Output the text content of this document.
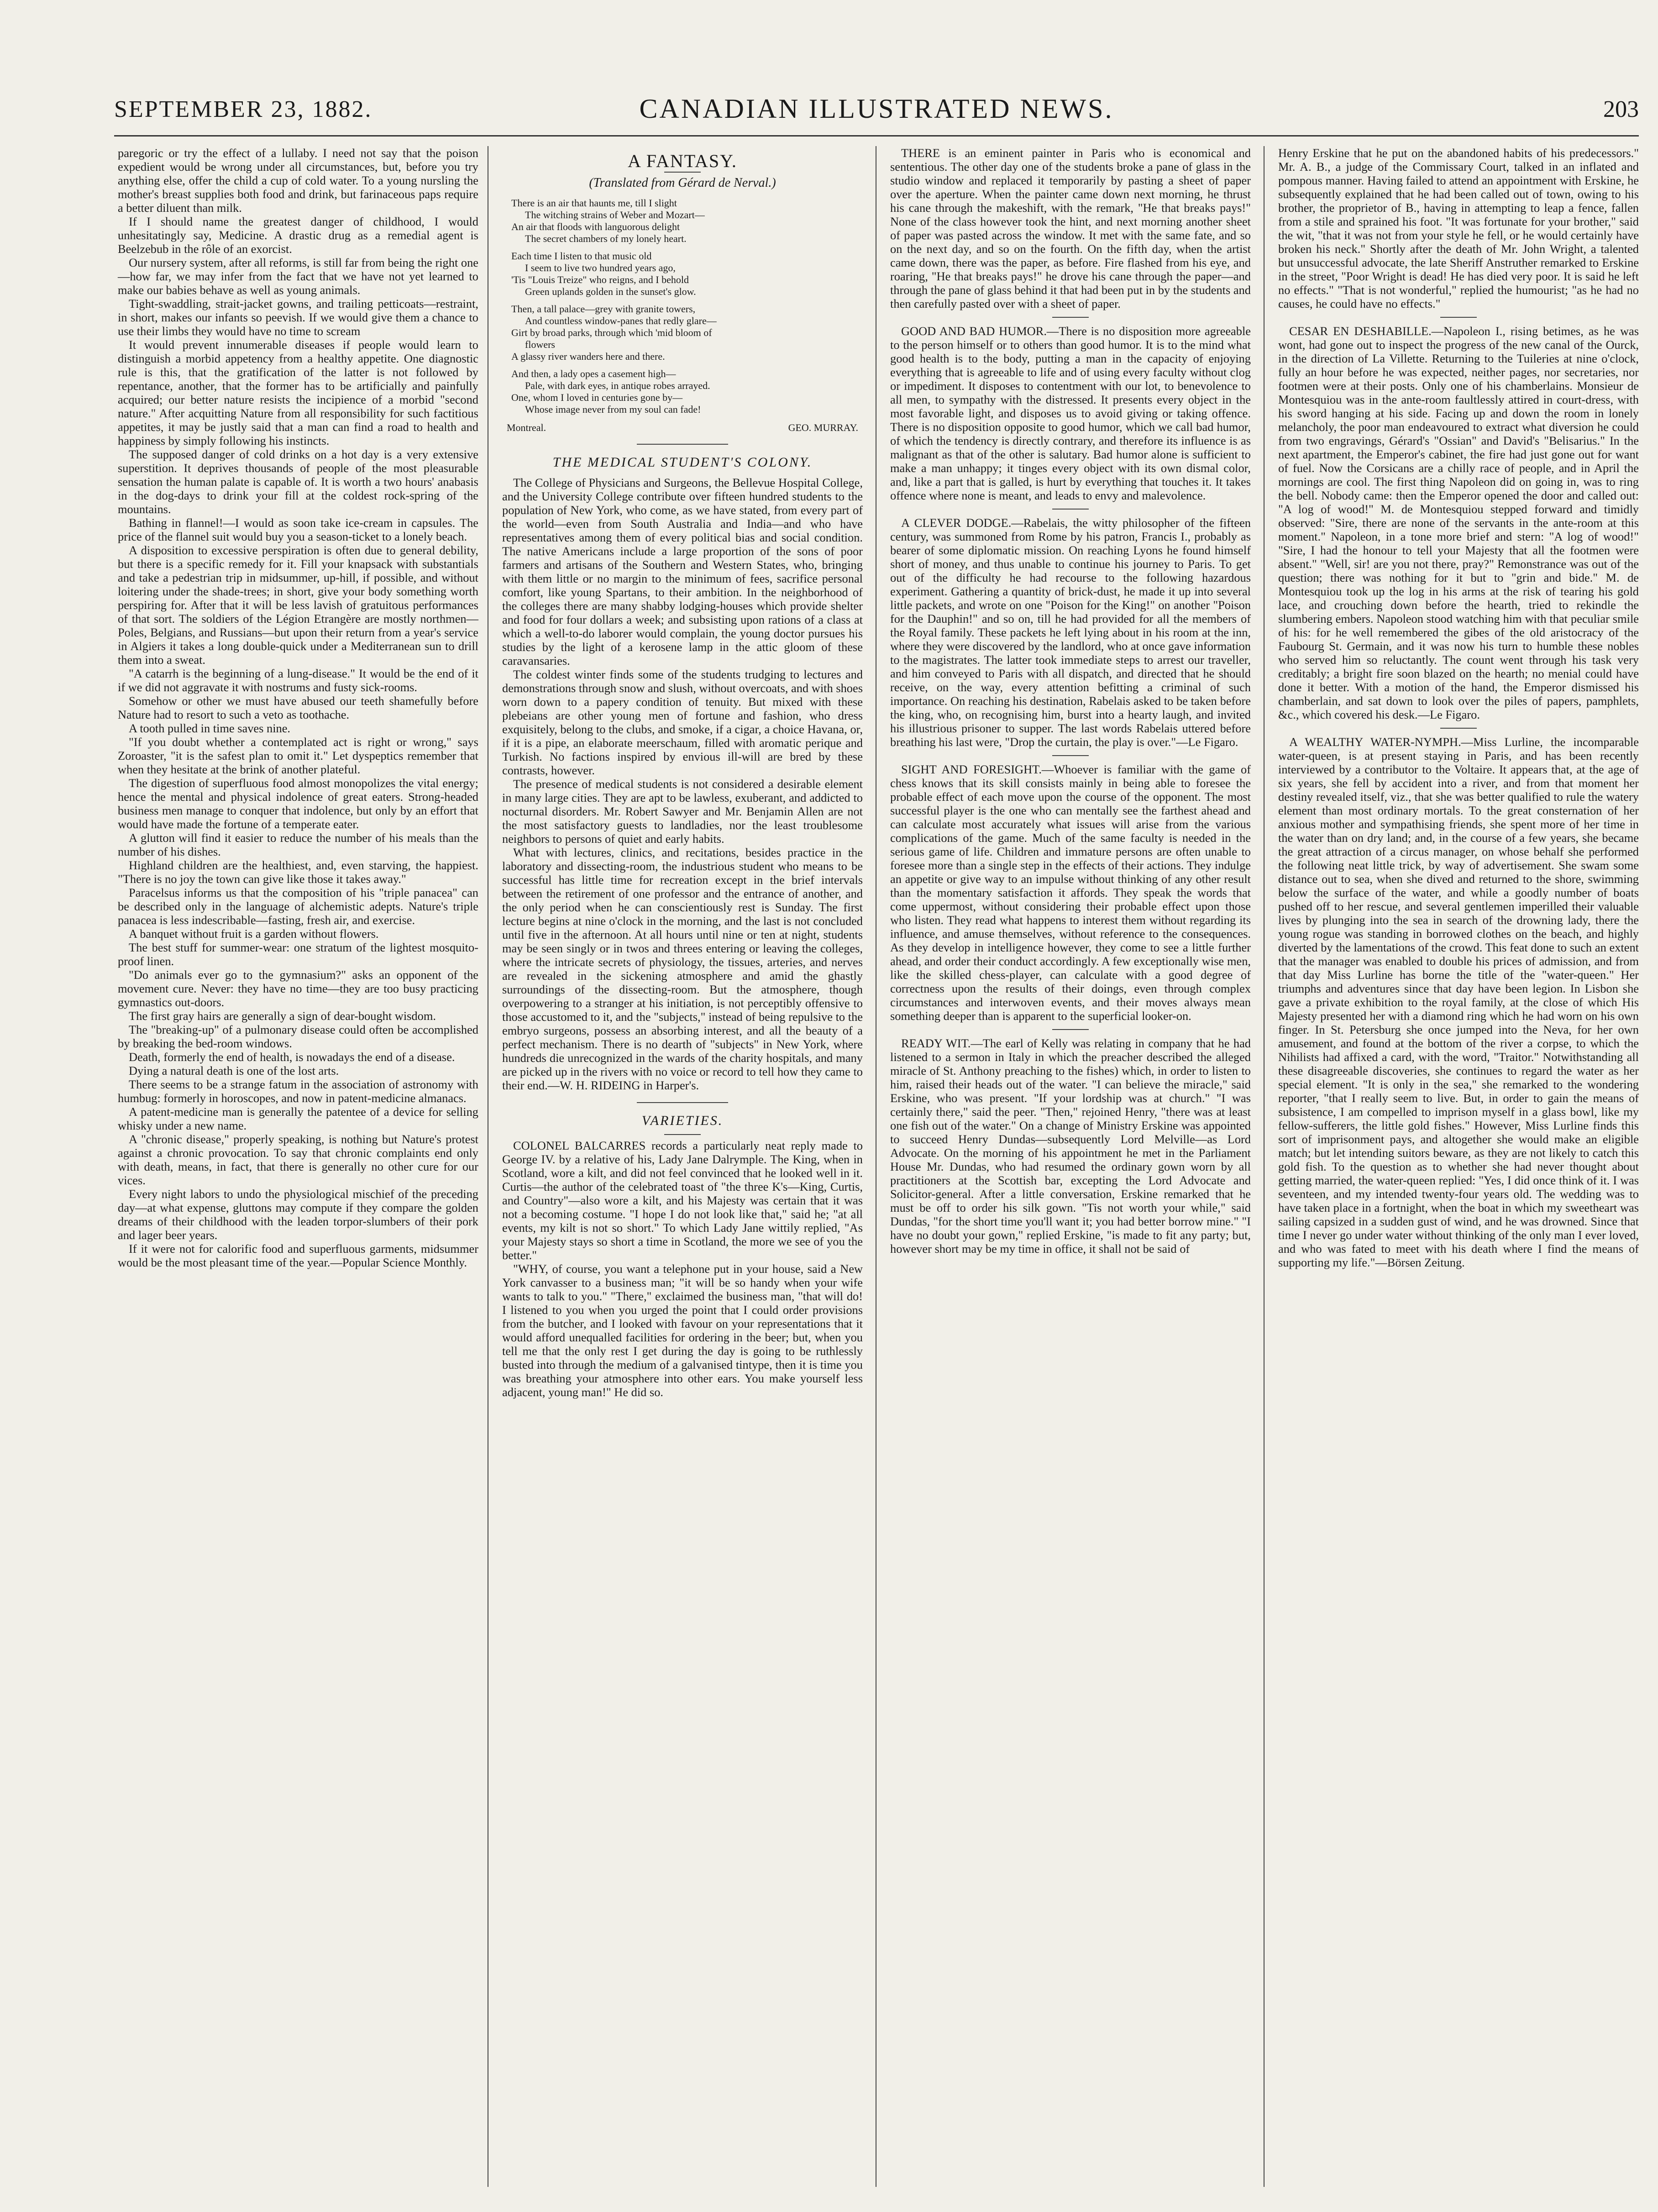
SEPTEMBER 23, 1882.	CANADIAN ILLUSTRATED NEWS.	203

paregoric or try the effect of a lullaby. I need not say that the poison expedient would be wrong under all circumstances, but, before you try anything else, offer the child a cup of cold water. To a young nursling the mother's breast supplies both food and drink, but farinaceous paps require a better diluent than milk.

If I should name the greatest danger of childhood, I would unhesitatingly say, Medicine. A drastic drug as a remedial agent is Beelzebub in the rôle of an exorcist.

Our nursery system, after all reforms, is still far from being the right one—how far, we may infer from the fact that we have not yet learned to make our babies behave as well as young animals.

Tight-swaddling, strait-jacket gowns, and trailing petticoats—restraint, in short, makes our infants so peevish. If we would give them a chance to use their limbs they would have no time to scream

It would prevent innumerable diseases if people would learn to distinguish a morbid appetency from a healthy appetite. One diagnostic rule is this, that the gratification of the latter is not followed by repentance, another, that the former has to be artificially and painfully acquired; our better nature resists the incipience of a morbid "second nature." After acquitting Nature from all responsibility for such factitious appetites, it may be justly said that a man can find a road to health and happiness by simply following his instincts.

The supposed danger of cold drinks on a hot day is a very extensive superstition. It deprives thousands of people of the most pleasurable sensation the human palate is capable of. It is worth a two hours' anabasis in the dog-days to drink your fill at the coldest rock-spring of the mountains.

Bathing in flannel!—I would as soon take ice-cream in capsules. The price of the flannel suit would buy you a season-ticket to a lonely beach.

A disposition to excessive perspiration is often due to general debility, but there is a specific remedy for it. Fill your knapsack with substantials and take a pedestrian trip in midsummer, up-hill, if possible, and without loitering under the shade-trees; in short, give your body something worth perspiring for. After that it will be less lavish of gratuitous performances of that sort. The soldiers of the Légion Etrangère are mostly northmen—Poles, Belgians, and Russians—but upon their return from a year's service in Algiers it takes a long double-quick under a Mediterranean sun to drill them into a sweat.

"A catarrh is the beginning of a lung-disease." It would be the end of it if we did not aggravate it with nostrums and fusty sick-rooms.

Somehow or other we must have abused our teeth shamefully before Nature had to resort to such a veto as toothache.

A tooth pulled in time saves nine.

"If you doubt whether a contemplated act is right or wrong," says Zoroaster, "it is the safest plan to omit it." Let dyspeptics remember that when they hesitate at the brink of another plateful.

The digestion of superfluous food almost monopolizes the vital energy; hence the mental and physical indolence of great eaters. Strong-headed business men manage to conquer that indolence, but only by an effort that would have made the fortune of a temperate eater.

A glutton will find it easier to reduce the number of his meals than the number of his dishes.

Highland children are the healthiest, and, even starving, the happiest. "There is no joy the town can give like those it takes away."

Paracelsus informs us that the composition of his "triple panacea" can be described only in the language of alchemistic adepts. Nature's triple panacea is less indescribable—fasting, fresh air, and exercise.

A banquet without fruit is a garden without flowers.

The best stuff for summer-wear: one stratum of the lightest mosquito-proof linen.

"Do animals ever go to the gymnasium?" asks an opponent of the movement cure. Never: they have no time—they are too busy practicing gymnastics out-doors.

The first gray hairs are generally a sign of dear-bought wisdom.

The "breaking-up" of a pulmonary disease could often be accomplished by breaking the bed-room windows.

Death, formerly the end of health, is nowadays the end of a disease.

Dying a natural death is one of the lost arts.

There seems to be a strange fatum in the association of astronomy with humbug: formerly in horoscopes, and now in patent-medicine almanacs.

A patent-medicine man is generally the patentee of a device for selling whisky under a new name.

A "chronic disease," properly speaking, is nothing but Nature's protest against a chronic provocation. To say that chronic complaints end only with death, means, in fact, that there is generally no other cure for our vices.

Every night labors to undo the physiological mischief of the preceding day—at what expense, gluttons may compute if they compare the golden dreams of their childhood with the leaden torpor-slumbers of their pork and lager beer years.

If it were not for calorific food and superfluous garments, midsummer would be the most pleasant time of the year.—Popular Science Monthly.

A FANTASY.
(Translated from Gérard de Nerval.)
There is an air that haunts me, till I slight
The witching strains of Weber and Mozart—
An air that floods with languorous delight
The secret chambers of my lonely heart.
Each time I listen to that music old
I seem to live two hundred years ago,
'Tis "Louis Treize" who reigns, and I behold
Green uplands golden in the sunset's glow.
Then, a tall palace—grey with granite towers,
And countless window-panes that redly glare—
Girt by broad parks, through which 'mid bloom of
flowers
A glassy river wanders here and there.
And then, a lady opes a casement high—
Pale, with dark eyes, in antique robes arrayed.
One, whom I loved in centuries gone by—
Whose image never from my soul can fade!
Montreal.	GEO. MURRAY.
THE MEDICAL STUDENT'S COLONY.

The College of Physicians and Surgeons, the Bellevue Hospital College, and the University College contribute over fifteen hundred students to the population of New York, who come, as we have stated, from every part of the world—even from South Australia and India—and who have representatives among them of every political bias and social condition. The native Americans include a large proportion of the sons of poor farmers and artisans of the Southern and Western States, who, bringing with them little or no margin to the minimum of fees, sacrifice personal comfort, like young Spartans, to their ambition. In the neighborhood of the colleges there are many shabby lodging-houses which provide shelter and food for four dollars a week; and subsisting upon rations of a class at which a well-to-do laborer would complain, the young doctor pursues his studies by the light of a kerosene lamp in the attic gloom of these caravansaries.

The coldest winter finds some of the students trudging to lectures and demonstrations through snow and slush, without overcoats, and with shoes worn down to a papery condition of tenuity. But mixed with these plebeians are other young men of fortune and fashion, who dress exquisitely, belong to the clubs, and smoke, if a cigar, a choice Havana, or, if it is a pipe, an elaborate meerschaum, filled with aromatic perique and Turkish. No factions inspired by envious ill-will are bred by these contrasts, however.

The presence of medical students is not considered a desirable element in many large cities. They are apt to be lawless, exuberant, and addicted to nocturnal disorders. Mr. Robert Sawyer and Mr. Benjamin Allen are not the most satisfactory guests to landladies, nor the least troublesome neighbors to persons of quiet and early habits.

What with lectures, clinics, and recitations, besides practice in the laboratory and dissecting-room, the industrious student who means to be successful has little time for recreation except in the brief intervals between the retirement of one professor and the entrance of another, and the only period when he can conscientiously rest is Sunday. The first lecture begins at nine o'clock in the morning, and the last is not concluded until five in the afternoon. At all hours until nine or ten at night, students may be seen singly or in twos and threes entering or leaving the colleges, where the intricate secrets of physiology, the tissues, arteries, and nerves are revealed in the sickening atmosphere and amid the ghastly surroundings of the dissecting-room. But the atmosphere, though overpowering to a stranger at his initiation, is not perceptibly offensive to those accustomed to it, and the "subjects," instead of being repulsive to the embryo surgeons, possess an absorbing interest, and all the beauty of a perfect mechanism. There is no dearth of "subjects" in New York, where hundreds die unrecognized in the wards of the charity hospitals, and many are picked up in the rivers with no voice or record to tell how they came to their end.—W. H. RIDEING in Harper's.

VARIETIES.

COLONEL BALCARRES records a particularly neat reply made to George IV. by a relative of his, Lady Jane Dalrymple. The King, when in Scotland, wore a kilt, and did not feel convinced that he looked well in it. Curtis—the author of the celebrated toast of "the three K's—King, Curtis, and Country"—also wore a kilt, and his Majesty was certain that it was not a becoming costume. "I hope I do not look like that," said he; "at all events, my kilt is not so short." To which Lady Jane wittily replied, "As your Majesty stays so short a time in Scotland, the more we see of you the better."

"WHY, of course, you want a telephone put in your house, said a New York canvasser to a business man; "it will be so handy when your wife wants to talk to you." "There," exclaimed the business man, "that will do! I listened to you when you urged the point that I could order provisions from the butcher, and I looked with favour on your representations that it would afford unequalled facilities for ordering in the beer; but, when you tell me that the only rest I get during the day is going to be ruthlessly busted into through the medium of a galvanised tintype, then it is time you was breathing your atmosphere into other ears. You make yourself less adjacent, young man!" He did so.

THERE is an eminent painter in Paris who is economical and sententious. The other day one of the students broke a pane of glass in the studio window and replaced it temporarily by pasting a sheet of paper over the aperture. When the painter came down next morning, he thrust his cane through the makeshift, with the remark, "He that breaks pays!" None of the class however took the hint, and next morning another sheet of paper was pasted across the window. It met with the same fate, and so on the next day, and so on the fourth. On the fifth day, when the artist came down, there was the paper, as before. Fire flashed from his eye, and roaring, "He that breaks pays!" he drove his cane through the paper—and through the pane of glass behind it that had been put in by the students and then carefully pasted over with a sheet of paper.

GOOD AND BAD HUMOR.—There is no disposition more agreeable to the person himself or to others than good humor. It is to the mind what good health is to the body, putting a man in the capacity of enjoying everything that is agreeable to life and of using every faculty without clog or impediment. It disposes to contentment with our lot, to benevolence to all men, to sympathy with the distressed. It presents every object in the most favorable light, and disposes us to avoid giving or taking offence. There is no disposition opposite to good humor, which we call bad humor, of which the tendency is directly contrary, and therefore its influence is as malignant as that of the other is salutary. Bad humor alone is sufficient to make a man unhappy; it tinges every object with its own dismal color, and, like a part that is galled, is hurt by everything that touches it. It takes offence where none is meant, and leads to envy and malevolence.

A CLEVER DODGE.—Rabelais, the witty philosopher of the fifteen century, was summoned from Rome by his patron, Francis I., probably as bearer of some diplomatic mission. On reaching Lyons he found himself short of money, and thus unable to continue his journey to Paris. To get out of the difficulty he had recourse to the following hazardous experiment. Gathering a quantity of brick-dust, he made it up into several little packets, and wrote on one "Poison for the King!" on another "Poison for the Dauphin!" and so on, till he had provided for all the members of the Royal family. These packets he left lying about in his room at the inn, where they were discovered by the landlord, who at once gave information to the magistrates. The latter took immediate steps to arrest our traveller, and him conveyed to Paris with all dispatch, and directed that he should receive, on the way, every attention befitting a criminal of such importance. On reaching his destination, Rabelais asked to be taken before the king, who, on recognising him, burst into a hearty laugh, and invited his illustrious prisoner to supper. The last words Rabelais uttered before breathing his last were, "Drop the curtain, the play is over."—Le Figaro.

SIGHT AND FORESIGHT.—Whoever is familiar with the game of chess knows that its skill consists mainly in being able to foresee the probable effect of each move upon the course of the opponent. The most successful player is the one who can mentally see the farthest ahead and can calculate most accurately what issues will arise from the various complications of the game. Much of the same faculty is needed in the serious game of life. Children and immature persons are often unable to foresee more than a single step in the effects of their actions. They indulge an appetite or give way to an impulse without thinking of any other result than the momentary satisfaction it affords. They speak the words that come uppermost, without considering their probable effect upon those who listen. They read what happens to interest them without regarding its influence, and amuse themselves, without reference to the consequences. As they develop in intelligence however, they come to see a little further ahead, and order their conduct accordingly. A few exceptionally wise men, like the skilled chess-player, can calculate with a good degree of correctness upon the results of their doings, even through complex circumstances and interwoven events, and their moves always mean something deeper than is apparent to the superficial looker-on.

READY WIT.—The earl of Kelly was relating in company that he had listened to a sermon in Italy in which the preacher described the alleged miracle of St. Anthony preaching to the fishes) which, in order to listen to him, raised their heads out of the water. "I can believe the miracle," said Erskine, who was present. "If your lordship was at church." "I was certainly there," said the peer. "Then," rejoined Henry, "there was at least one fish out of the water." On a change of Ministry Erskine was appointed to succeed Henry Dundas—subsequently Lord Melville—as Lord Advocate. On the morning of his appointment he met in the Parliament House Mr. Dundas, who had resumed the ordinary gown worn by all practitioners at the Scottish bar, excepting the Lord Advocate and Solicitor-general. After a little conversation, Erskine remarked that he must be off to order his silk gown. "Tis not worth your while," said Dundas, "for the short time you'll want it; you had better borrow mine." "I have no doubt your gown," replied Erskine, "is made to fit any party; but, however short may be my time in office, it shall not be said of

Henry Erskine that he put on the abandoned habits of his predecessors." Mr. A. B., a judge of the Commissary Court, talked in an inflated and pompous manner. Having failed to attend an appointment with Erskine, he subsequently explained that he had been called out of town, owing to his brother, the proprietor of B., having in attempting to leap a fence, fallen from a stile and sprained his foot. "It was fortunate for your brother," said the wit, "that it was not from your style he fell, or he would certainly have broken his neck." Shortly after the death of Mr. John Wright, a talented but unsuccessful advocate, the late Sheriff Anstruther remarked to Erskine in the street, "Poor Wright is dead! He has died very poor. It is said he left no effects." "That is not wonderful," replied the humourist; "as he had no causes, he could have no effects."

CESAR EN DESHABILLE.—Napoleon I., rising betimes, as he was wont, had gone out to inspect the progress of the new canal of the Ourck, in the direction of La Villette. Returning to the Tuileries at nine o'clock, fully an hour before he was expected, neither pages, nor secretaries, nor footmen were at their posts. Only one of his chamberlains. Monsieur de Montesquiou was in the ante-room faultlessly attired in court-dress, with his sword hanging at his side. Facing up and down the room in lonely melancholy, the poor man endeavoured to extract what diversion he could from two engravings, Gérard's "Ossian" and David's "Belisarius." In the next apartment, the Emperor's cabinet, the fire had just gone out for want of fuel. Now the Corsicans are a chilly race of people, and in April the mornings are cool. The first thing Napoleon did on going in, was to ring the bell. Nobody came: then the Emperor opened the door and called out: "A log of wood!" M. de Montesquiou stepped forward and timidly observed: "Sire, there are none of the servants in the ante-room at this moment." Napoleon, in a tone more brief and stern: "A log of wood!" "Sire, I had the honour to tell your Majesty that all the footmen were absent." "Well, sir! are you not there, pray?" Remonstrance was out of the question; there was nothing for it but to "grin and bide." M. de Montesquiou took up the log in his arms at the risk of tearing his gold lace, and crouching down before the hearth, tried to rekindle the slumbering embers. Napoleon stood watching him with that peculiar smile of his: for he well remembered the gibes of the old aristocracy of the Faubourg St. Germain, and it was now his turn to humble these nobles who served him so reluctantly. The count went through his task very creditably; a bright fire soon blazed on the hearth; no menial could have done it better. With a motion of the hand, the Emperor dismissed his chamberlain, and sat down to look over the piles of papers, pamphlets, &c., which covered his desk.—Le Figaro.

A WEALTHY WATER-NYMPH.—Miss Lurline, the incomparable water-queen, is at present staying in Paris, and has been recently interviewed by a contributor to the Voltaire. It appears that, at the age of six years, she fell by accident into a river, and from that moment her destiny revealed itself, viz., that she was better qualified to rule the watery element than most ordinary mortals. To the great consternation of her anxious mother and sympathising friends, she spent more of her time in the water than on dry land; and, in the course of a few years, she became the great attraction of a circus manager, on whose behalf she performed the following neat little trick, by way of advertisement. She swam some distance out to sea, when she dived and returned to the shore, swimming below the surface of the water, and while a goodly number of boats pushed off to her rescue, and several gentlemen imperilled their valuable lives by plunging into the sea in search of the drowning lady, there the young rogue was standing in borrowed clothes on the beach, and highly diverted by the lamentations of the crowd. This feat done to such an extent that the manager was enabled to double his prices of admission, and from that day Miss Lurline has borne the title of the "water-queen." Her triumphs and adventures since that day have been legion. In Lisbon she gave a private exhibition to the royal family, at the close of which His Majesty presented her with a diamond ring which he had worn on his own finger. In St. Petersburg she once jumped into the Neva, for her own amusement, and found at the bottom of the river a corpse, to which the Nihilists had affixed a card, with the word, "Traitor." Notwithstanding all these disagreeable discoveries, she continues to regard the water as her special element. "It is only in the sea," she remarked to the wondering reporter, "that I really seem to live. But, in order to gain the means of subsistence, I am compelled to imprison myself in a glass bowl, like my fellow-sufferers, the little gold fishes." However, Miss Lurline finds this sort of imprisonment pays, and altogether she would make an eligible match; but let intending suitors beware, as they are not likely to catch this gold fish. To the question as to whether she had never thought about getting married, the water-queen replied: "Yes, I did once think of it. I was seventeen, and my intended twenty-four years old. The wedding was to have taken place in a fortnight, when the boat in which my sweetheart was sailing capsized in a sudden gust of wind, and he was drowned. Since that time I never go under water without thinking of the only man I ever loved, and who was fated to meet with his death where I find the means of supporting my life."—Börsen Zeitung.
